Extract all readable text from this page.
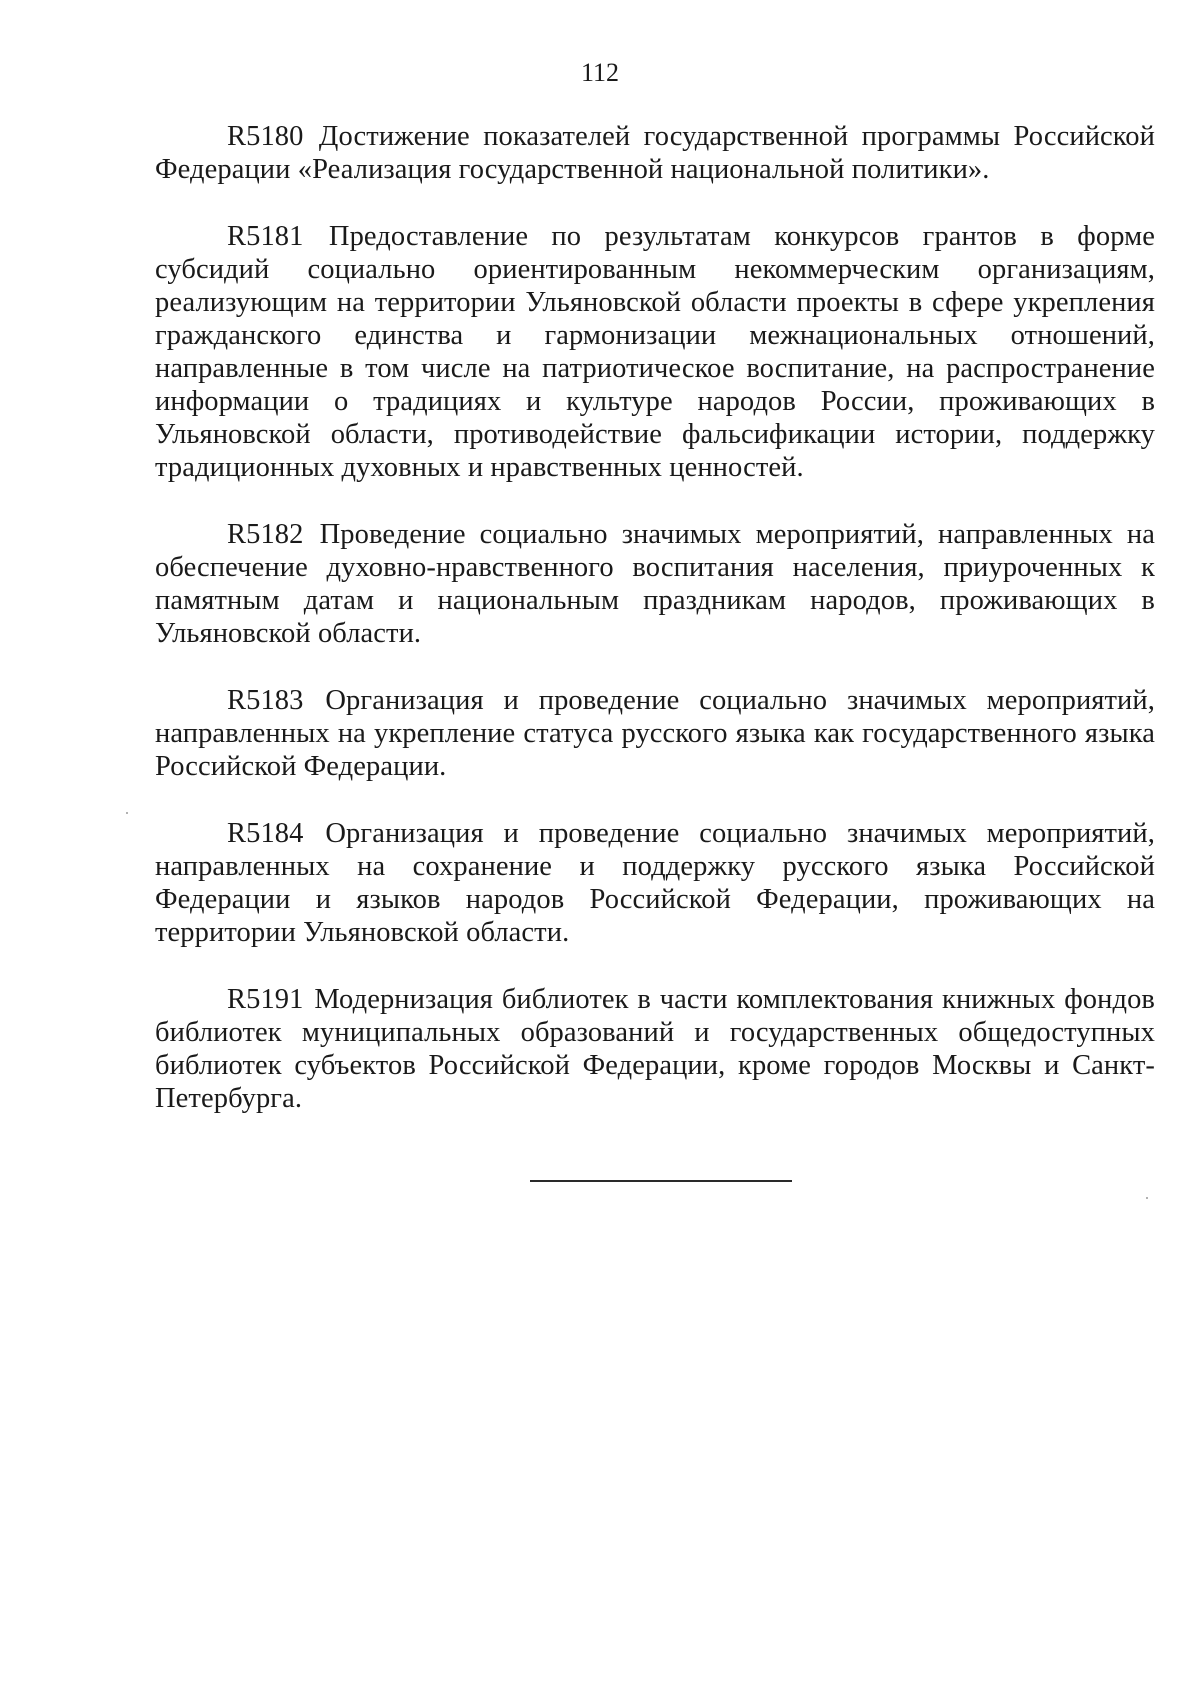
112

R5180 Достижение показателей государственной программы Российской Федерации «Реализация государственной национальной политики».

R5181 Предоставление по результатам конкурсов грантов в форме субсидий социально ориентированным некоммерческим организациям, реализующим на территории Ульяновской области проекты в сфере укрепления гражданского единства и гармонизации межнациональных отношений, направленные в том числе на патриотическое воспитание, на распространение информации о традициях и культуре народов России, проживающих в Ульяновской области, противодействие фальсификации истории, поддержку традиционных духовных и нравственных ценностей.

R5182 Проведение социально значимых мероприятий, направленных на обеспечение духовно-нравственного воспитания населения, приуроченных к памятным датам и национальным праздникам народов, проживающих в Ульяновской области.

R5183 Организация и проведение социально значимых мероприятий, направленных на укрепление статуса русского языка как государственного языка Российской Федерации.

R5184 Организация и проведение социально значимых мероприятий, направленных на сохранение и поддержку русского языка Российской Федерации и языков народов Российской Федерации, проживающих на территории Ульяновской области.

R5191 Модернизация библиотек в части комплектования книжных фондов библиотек муниципальных образований и государственных общедоступных библиотек субъектов Российской Федерации, кроме городов Москвы и Санкт-Петербурга.
